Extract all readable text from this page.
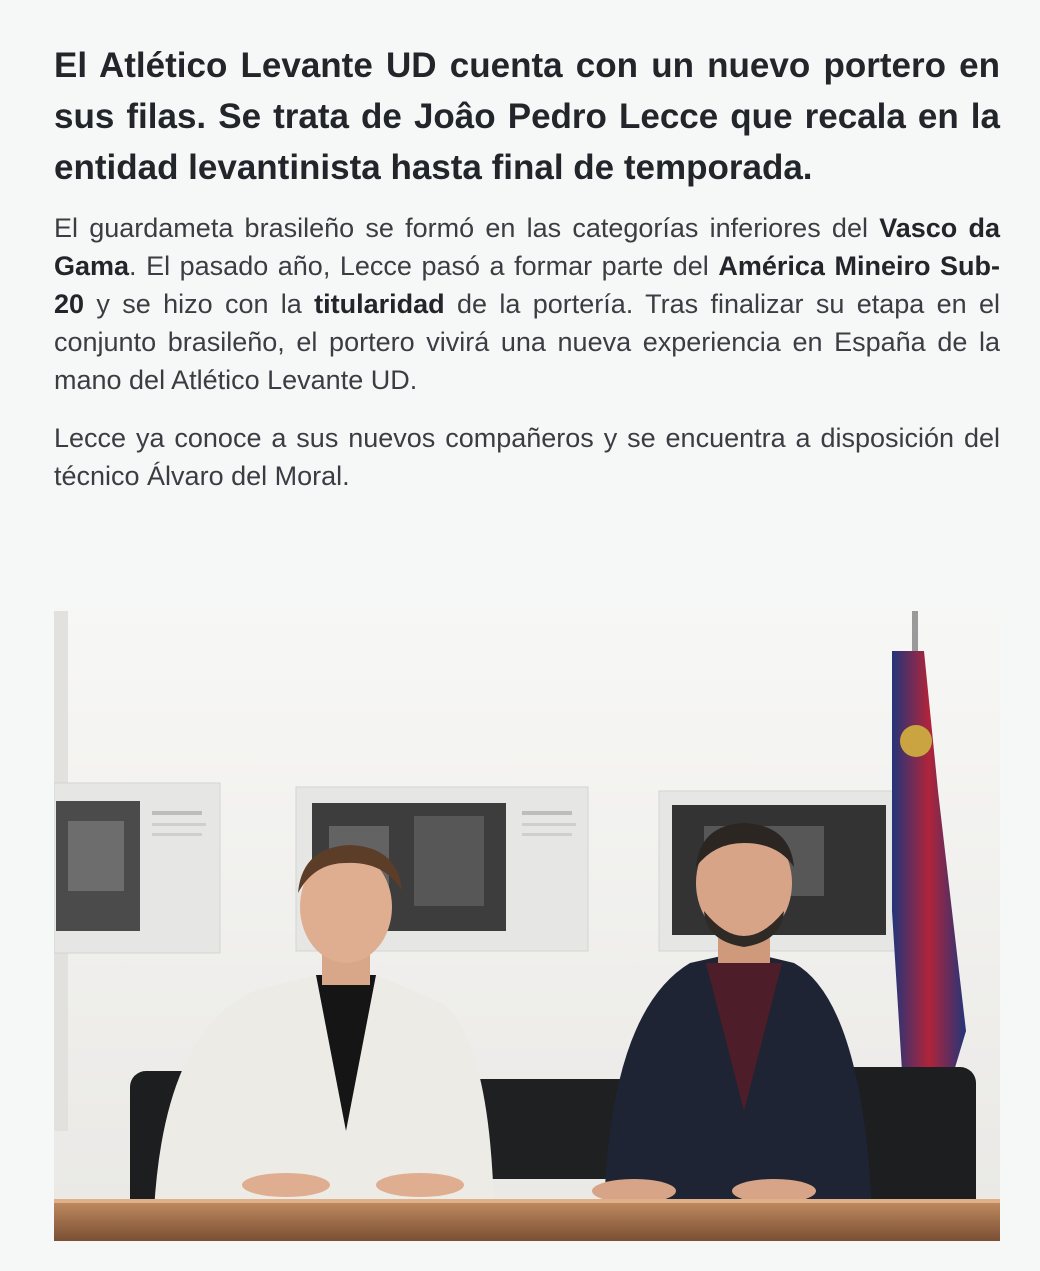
El Atlético Levante UD cuenta con un nuevo portero en sus filas. Se trata de Joâo Pedro Lecce que recala en la entidad levantinista hasta final de temporada.

El guardameta brasileño se formó en las categorías inferiores del Vasco da Gama. El pasado año, Lecce pasó a formar parte del América Mineiro Sub-20 y se hizo con la titularidad de la portería. Tras finalizar su etapa en el conjunto brasileño, el portero vivirá una nueva experiencia en España de la mano del Atlético Levante UD.

Lecce ya conoce a sus nuevos compañeros y se encuentra a disposición del técnico Álvaro del Moral.
